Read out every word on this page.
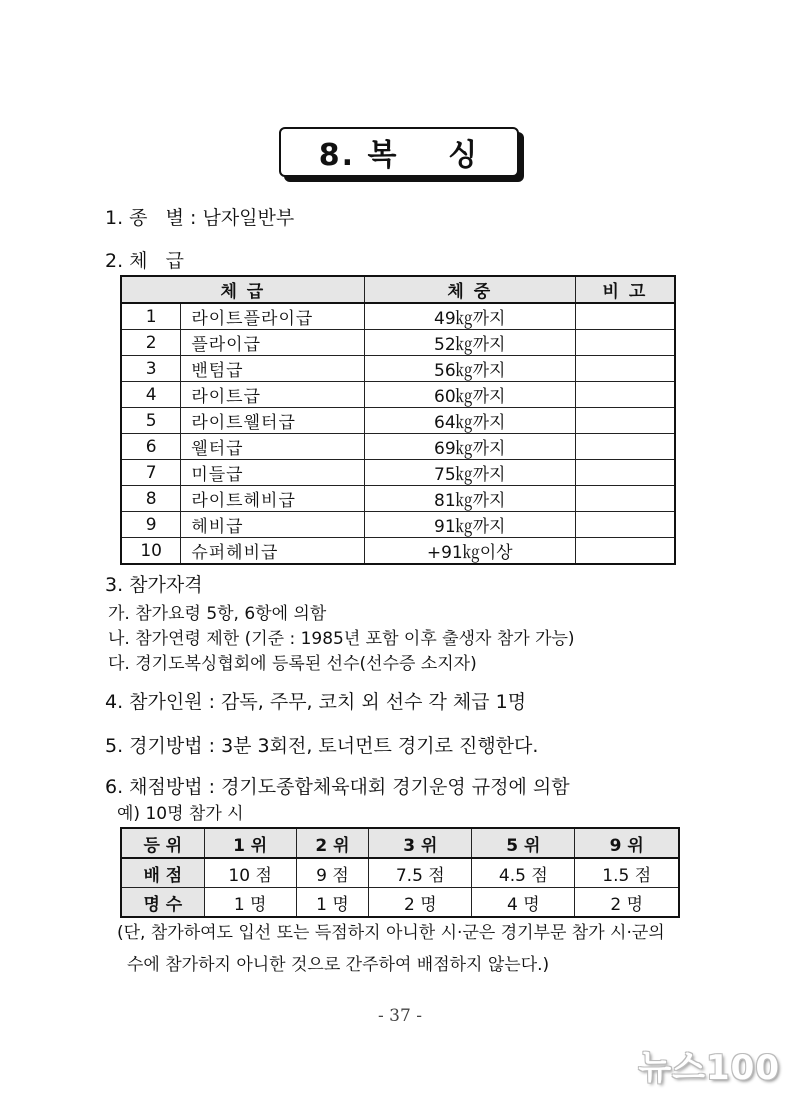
8. 복    싱
1. 종   별 : 남자일반부
2. 체   급
체 급		체 중	비 고
1	라이트플라이급	49㎏까지	
2	플라이급	52㎏까지	
3	밴텀급	56㎏까지	
4	라이트급	60㎏까지	
5	라이트웰터급	64㎏까지	
6	웰터급	69㎏까지	
7	미들급	75㎏까지	
8	라이트헤비급	81㎏까지	
9	헤비급	91㎏까지	
10	슈퍼헤비급	+91㎏이상	
3. 참가자격
가. 참가요령 5항, 6항에 의함
나. 참가연령 제한 (기준 : 1985년 포함 이후 출생자 참가 가능)
다. 경기도복싱협회에 등록된 선수(선수증 소지자)
4. 참가인원 : 감독, 주무, 코치 외 선수 각 체급 1명
5. 경기방법 : 3분 3회전, 토너먼트 경기로 진행한다.
6. 채점방법 : 경기도종합체육대회 경기운영 규정에 의함
예) 10명 참가 시
등 위	1 위	2 위	3 위	5 위	9 위
배 점	10 점	9 점	7.5 점	4.5 점	1.5 점
명 수	1 명	1 명	2 명	4 명	2 명
(단, 참가하여도 입선 또는 득점하지 아니한 시·군은 경기부문 참가 시·군의
수에 참가하지 아니한 것으로 간주하여 배점하지 않는다.)
- 37 -
뉴스100
